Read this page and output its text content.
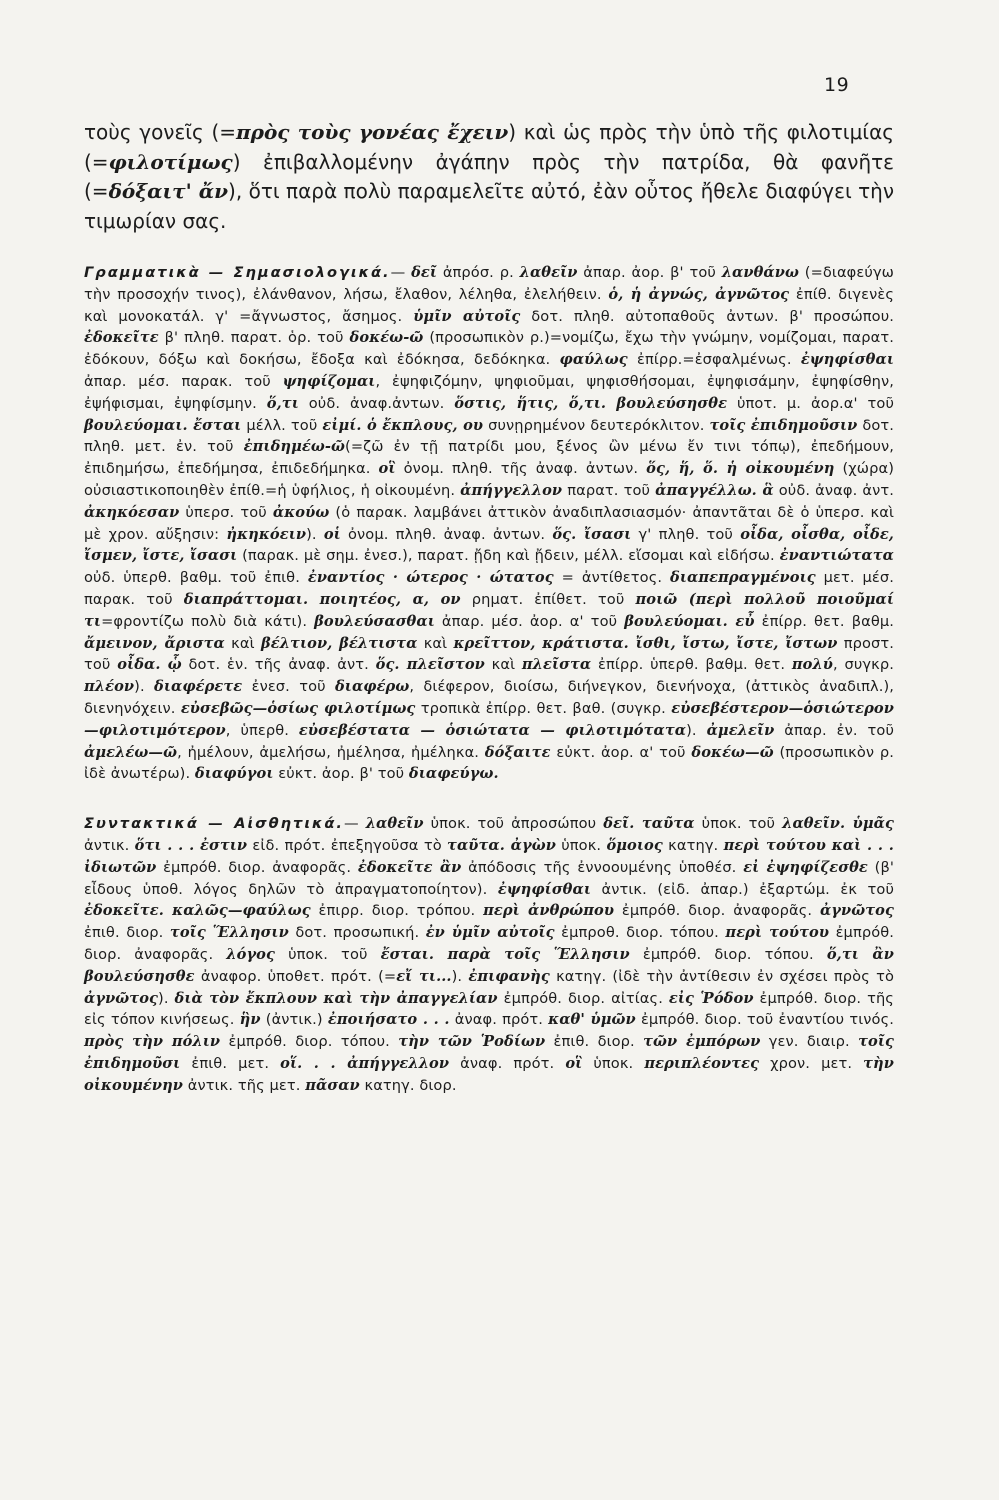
19

τοὺς γονεῖς (=πρὸς τοὺς γονέας ἔχειν) καὶ ὡς πρὸς τὴν ὑπὸ τῆς φιλοτιμίας (=φιλοτίμως) ἐπιβαλλομένην ἀγάπην πρὸς τὴν πατρίδα, θὰ φανῆτε (=δόξαιτ' ἄν), ὅτι παρὰ πολὺ παραμελεῖτε αὐτό, ἐὰν οὗτος ἤθελε διαφύγει τὴν τιμωρίαν σας.

Γραμματικὰ — Σημασιολογικά.— δεῖ ἀπρόσ. ρ. λαθεῖν ἀπαρ. ἀορ. β' τοῦ λανθάνω (=διαφεύγω τὴν προσοχήν τινος), ἐλάνθανον, λήσω, ἔλαθον, λέληθα, ἐλελήθειν. ὁ, ἡ ἀγνώς, ἀγνῶτος ἐπίθ. διγενὲς καὶ μονοκατάλ. γ' =ἄγνωστος, ἄσημος. ὑμῖν αὐτοῖς δοτ. πληθ. αὐτοπαθοῦς ἀντων. β' προσώπου. ἐδοκεῖτε β' πληθ. παρατ. ὁρ. τοῦ δοκέω-ῶ (προσωπικὸν ρ.)=νομίζω, ἔχω τὴν γνώμην, νομίζομαι, παρατ. ἐδόκουν, δόξω καὶ δοκήσω, ἔδοξα καὶ ἐδόκησα, δεδόκηκα. φαύλως ἐπίρρ.=ἐσφαλμένως. ἐψηφίσθαι ἀπαρ. μέσ. παρακ. τοῦ ψηφίζομαι, ἐψηφιζόμην, ψηφιοῦμαι, ψηφισθήσομαι, ἐψηφισάμην, ἐψηφίσθην, ἐψήφισμαι, ἐψηφίσμην. ὅ,τι οὐδ. ἀναφ.ἀντων. ὅστις, ἥτις, ὅ,τι. βουλεύσησθε ὑποτ. μ. ἀορ.α' τοῦ βουλεύομαι. ἔσται μέλλ. τοῦ εἰμί. ὁ ἔκπλους, ου συνῃρημένον δευτερόκλιτον. τοῖς ἐπιδημοῦσιν δοτ. πληθ. μετ. ἐν. τοῦ ἐπιδημέω-ῶ(=ζῶ ἐν τῇ πατρίδι μου, ξένος ὢν μένω ἔν τινι τόπῳ), ἐπεδήμουν, ἐπιδημήσω, ἐπεδήμησα, ἐπιδεδήμηκα. οἳ ὀνομ. πληθ. τῆς ἀναφ. ἀντων. ὅς, ἥ, ὅ. ἡ οἰκουμένη (χώρα) οὐσιαστικοποιηθὲν ἐπίθ.=ἡ ὑφήλιος, ἡ οἰκουμένη. ἀπήγγελλον παρατ. τοῦ ἀπαγγέλλω. ἃ οὐδ. ἀναφ. ἀντ. ἀκηκόεσαν ὑπερσ. τοῦ ἀκούω (ὁ παρακ. λαμβάνει ἀττικὸν ἀναδιπλασιασμόν· ἀπαντᾶται δὲ ὁ ὑπερσ. καὶ μὲ χρον. αὔξησιν: ἠκηκόειν). οἱ ὀνομ. πληθ. ἀναφ. ἀντων. ὅς. ἴσασι γ' πληθ. τοῦ οἶδα, οἶσθα, οἶδε, ἴσμεν, ἴστε, ἴσασι (παρακ. μὲ σημ. ἐνεσ.), παρατ. ᾔδη καὶ ᾔδειν, μέλλ. εἴσομαι καὶ εἰδήσω. ἐναντιώτατα οὐδ. ὑπερθ. βαθμ. τοῦ ἐπιθ. ἐναντίος · ώτερος · ώτατος = ἀντίθετος. διαπεπραγμένοις μετ. μέσ. παρακ. τοῦ διαπράττομαι. ποιητέος, α, ον ρηματ. ἐπίθετ. τοῦ ποιῶ (περὶ πολλοῦ ποιοῦμαί τι=φροντίζω πολὺ διὰ κάτι). βουλεύσασθαι ἀπαρ. μέσ. ἀορ. α' τοῦ βουλεύομαι. εὖ ἐπίρρ. θετ. βαθμ. ἄμεινον, ἄριστα καὶ βέλτιον, βέλτιστα καὶ κρεῖττον, κράτιστα. ἴσθι, ἴστω, ἴστε, ἴστων προστ. τοῦ οἶδα. ᾧ δοτ. ἑν. τῆς ἀναφ. ἀντ. ὅς. πλεῖστον καὶ πλεῖστα ἐπίρρ. ὑπερθ. βαθμ. θετ. πολύ, συγκρ. πλέον). διαφέρετε ἐνεσ. τοῦ διαφέρω, διέφερον, διοίσω, διήνεγκον, διενήνοχα, (ἀττικὸς ἀναδιπλ.), διενηνόχειν. εὐσεβῶς—ὁσίως φιλοτίμως τροπικὰ ἐπίρρ. θετ. βαθ. (συγκρ. εὐσεβέστερον—ὁσιώτερον—φιλοτιμότερον, ὑπερθ. εὐσεβέστατα — ὁσιώτατα — φιλοτιμότατα). ἀμελεῖν ἀπαρ. ἐν. τοῦ ἀμελέω—ῶ, ἠμέλουν, ἀμελήσω, ἠμέλησα, ἠμέληκα. δόξαιτε εὐκτ. ἀορ. α' τοῦ δοκέω—ῶ (προσωπικὸν ρ. ἰδὲ ἀνωτέρω). διαφύγοι εὐκτ. ἀορ. β' τοῦ διαφεύγω.

Συντακτικά — Αἰσθητικά.— λαθεῖν ὑποκ. τοῦ ἀπροσώπου δεῖ. ταῦτα ὑποκ. τοῦ λαθεῖν. ὑμᾶς ἀντικ. ὅτι . . . ἐστιν εἰδ. πρότ. ἐπεξηγοῦσα τὸ ταῦτα. ἀγὼν ὑποκ. ὅμοιος κατηγ. περὶ τούτου καὶ . . . ἰδιωτῶν ἐμπρόθ. διορ. ἀναφορᾶς. ἐδοκεῖτε ἂν ἀπόδοσις τῆς ἐννοουμένης ὑποθέσ. εἰ ἐψηφίζεσθε (β' εἶδους ὑποθ. λόγος δηλῶν τὸ ἀπραγματοποίητον). ἐψηφίσθαι ἀντικ. (εἰδ. ἀπαρ.) ἐξαρτώμ. ἐκ τοῦ ἐδοκεῖτε. καλῶς—φαύλως ἐπιρρ. διορ. τρόπου. περὶ ἀνθρώπου ἐμπρόθ. διορ. ἀναφορᾶς. ἀγνῶτος ἐπιθ. διορ. τοῖς Ἕλλησιν δοτ. προσωπική. ἐν ὑμῖν αὐτοῖς ἐμπροθ. διορ. τόπου. περὶ τούτου ἐμπρόθ. διορ. ἀναφορᾶς. λόγος ὑποκ. τοῦ ἔσται. παρὰ τοῖς Ἕλλησιν ἐμπρόθ. διορ. τόπου. ὅ,τι ἂν βουλεύσησθε ἀναφορ. ὑποθετ. πρότ. (=εἴ τι...). ἐπιφανὴς κατηγ. (ἰδὲ τὴν ἀντίθεσιν ἐν σχέσει πρὸς τὸ ἀγνῶτος). διὰ τὸν ἔκπλουν καὶ τὴν ἀπαγγελίαν ἐμπρόθ. διορ. αἰτίας. εἰς Ῥόδον ἐμπρόθ. διορ. τῆς εἰς τόπον κινήσεως. ἣν (ἀντικ.) ἐποιήσατο . . . ἀναφ. πρότ. καθ' ὑμῶν ἐμπρόθ. διορ. τοῦ ἐναντίου τινός. πρὸς τὴν πόλιν ἐμπρόθ. διορ. τόπου. τὴν τῶν Ῥοδίων ἐπιθ. διορ. τῶν ἐμπόρων γεν. διαιρ. τοῖς ἐπιδημοῦσι ἐπιθ. μετ. οἵ. . . ἀπήγγελλον ἀναφ. πρότ. οἳ ὑποκ. περιπλέοντες χρον. μετ. τὴν οἰκουμένην ἀντικ. τῆς μετ. πᾶσαν κατηγ. διορ.
